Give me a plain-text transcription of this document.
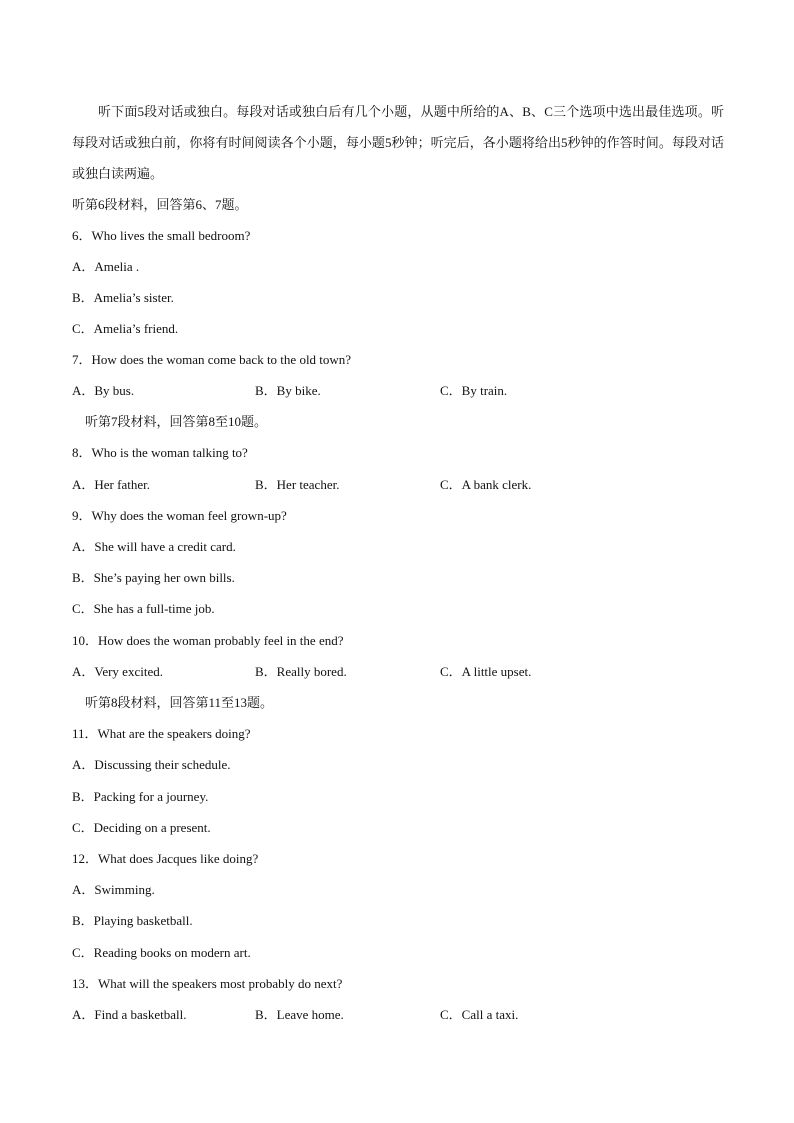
听下面5段对话或独白。每段对话或独白后有几个小题，从题中所给的A、B、C三个选项中选出最佳选项。听每段对话或独白前，你将有时间阅读各个小题，每小题5秒钟；听完后，各小题将给出5秒钟的作答时间。每段对话或独白读两遍。
听第6段材料，回答第6、7题。
6．Who lives the small bedroom?
A．Amelia .
B．Amelia’s sister.
C．Amelia’s friend.
7．How does the woman come back to the old town?
A．By bus.	B．By bike.	C．By train.
听第7段材料，回答第8至10题。
8．Who is the woman talking to?
A．Her father.	B．Her teacher.	C．A bank clerk.
9．Why does the woman feel grown-up?
A．She will have a credit card.
B．She’s paying her own bills.
C．She has a full-time job.
10．How does the woman probably feel in the end?
A．Very excited.	B．Really bored.	C．A little upset.
听第8段材料，回答第11至13题。
11．What are the speakers doing?
A．Discussing their schedule.
B．Packing for a journey.
C．Deciding on a present.
12．What does Jacques like doing?
A．Swimming.
B．Playing basketball.
C．Reading books on modern art.
13．What will the speakers most probably do next?
A．Find a basketball.	B．Leave home.	C．Call a taxi.
